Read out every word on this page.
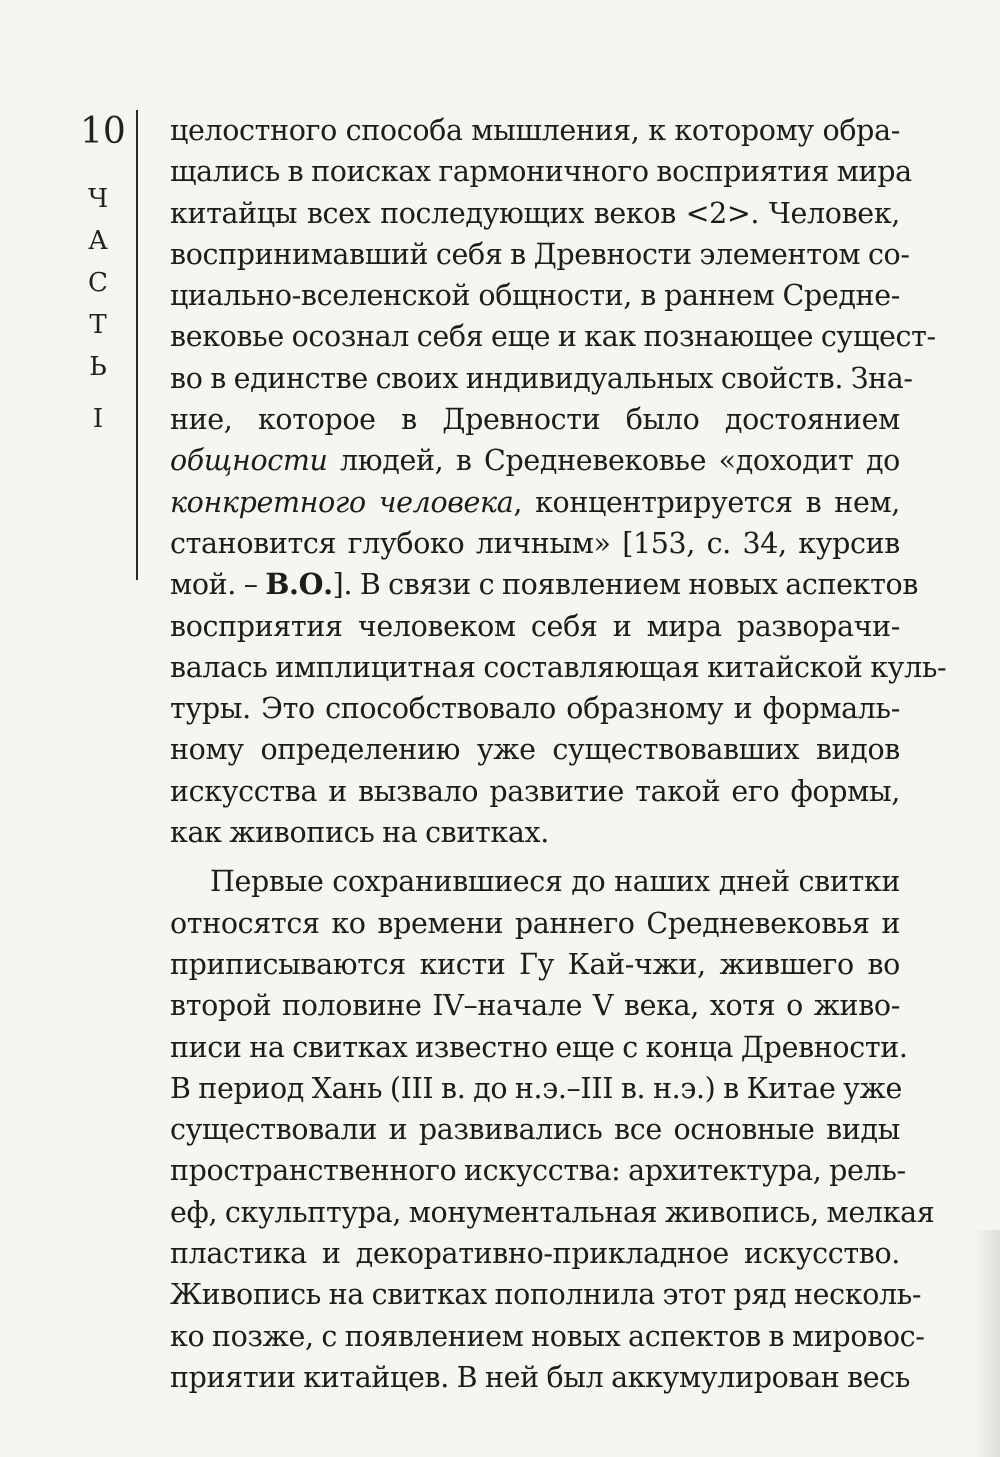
10
Ч
А
С
Т
Ь
I
целостного способа мышления, к которому обра-
щались в поисках гармоничного восприятия мира
китайцы всех последующих веков <2>. Человек,
воспринимавший себя в Древности элементом со-
циально-вселенской общности, в раннем Средне-
вековье осознал себя еще и как познающее сущест-
во в единстве своих индивидуальных свойств. Зна-
ние, которое в Древности было достоянием
общности людей, в Средневековье «доходит до
конкретного человека, концентрируется в нем,
становится глубоко личным» [153, с. 34, курсив
мой. – В.О.]. В связи с появлением новых аспектов
восприятия человеком себя и мира разворачи-
валась имплицитная составляющая китайской куль-
туры. Это способствовало образному и формаль-
ному определению уже существовавших видов
искусства и вызвало развитие такой его формы,
как живопись на свитках.
Первые сохранившиеся до наших дней свитки
относятся ко времени раннего Средневековья и
приписываются кисти Гу Кай-чжи, жившего во
второй половине IV–начале V века, хотя о живо-
писи на свитках известно еще с конца Древности.
В период Хань (III в. до н.э.–III в. н.э.) в Китае уже
существовали и развивались все основные виды
пространственного искусства: архитектура, рель-
еф, скульптура, монументальная живопись, мелкая
пластика и декоративно-прикладное искусство.
Живопись на свитках пополнила этот ряд несколь-
ко позже, с появлением новых аспектов в мировос-
приятии китайцев. В ней был аккумулирован весь
